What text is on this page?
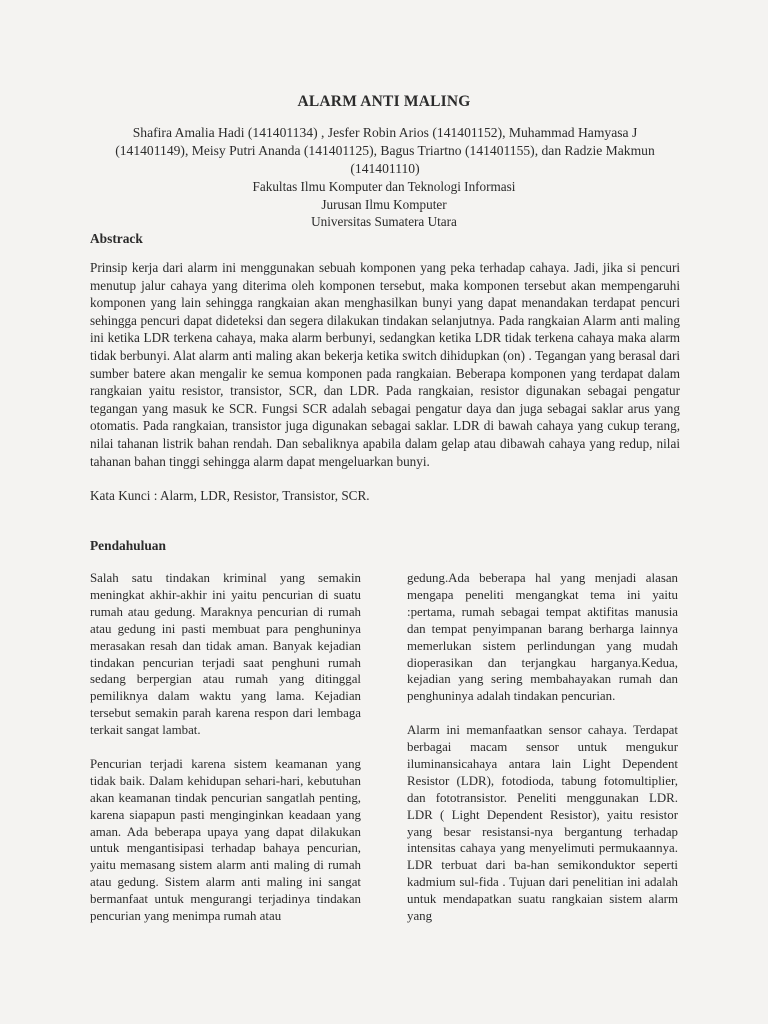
ALARM ANTI MALING

Shafira Amalia Hadi (141401134) , Jesfer Robin Arios (141401152), Muhammad Hamyasa J (141401149), Meisy Putri Ananda (141401125), Bagus Triartno (141401155), dan Radzie Makmun (141401110)

Fakultas Ilmu Komputer dan Teknologi Informasi
Jurusan Ilmu Komputer
Universitas Sumatera Utara
Abstrack

Prinsip kerja dari alarm ini menggunakan sebuah komponen yang peka terhadap cahaya. Jadi, jika si pencuri menutup jalur cahaya yang diterima oleh komponen tersebut, maka komponen tersebut akan mempengaruhi komponen yang lain sehingga rangkaian akan menghasilkan bunyi yang dapat menandakan terdapat pencuri sehingga pencuri dapat dideteksi dan segera dilakukan tindakan selanjutnya. Pada rangkaian Alarm anti maling ini ketika LDR terkena cahaya, maka alarm berbunyi, sedangkan ketika LDR tidak terkena cahaya maka alarm tidak berbunyi. Alat alarm anti maling akan bekerja ketika switch dihidupkan (on) . Tegangan yang berasal dari sumber batere akan mengalir ke semua komponen pada rangkaian. Beberapa komponen yang terdapat dalam rangkaian yaitu resistor, transistor, SCR, dan LDR. Pada rangkaian, resistor digunakan sebagai pengatur tegangan yang masuk ke SCR. Fungsi SCR adalah sebagai pengatur daya dan juga sebagai saklar arus yang otomatis. Pada rangkaian, transistor juga digunakan sebagai saklar. LDR di bawah cahaya yang cukup terang, nilai tahanan listrik bahan rendah. Dan sebaliknya apabila dalam gelap atau dibawah cahaya yang redup, nilai tahanan bahan tinggi sehingga alarm dapat mengeluarkan bunyi.

Kata Kunci : Alarm, LDR, Resistor, Transistor, SCR.

Pendahuluan

Salah satu tindakan kriminal yang semakin meningkat akhir-akhir ini yaitu pencurian di suatu rumah atau gedung. Maraknya pencurian di rumah atau gedung ini pasti membuat para penghuninya merasakan resah dan tidak aman. Banyak kejadian tindakan pencurian terjadi saat penghuni rumah sedang berpergian atau rumah yang ditinggal pemiliknya dalam waktu yang lama. Kejadian tersebut semakin parah karena respon dari lembaga terkait sangat lambat.

Pencurian terjadi karena sistem keamanan yang tidak baik. Dalam kehidupan sehari-hari, kebutuhan akan keamanan tindak pencurian sangatlah penting, karena siapapun pasti menginginkan keadaan yang aman. Ada beberapa upaya yang dapat dilakukan untuk mengantisipasi terhadap bahaya pencurian, yaitu memasang sistem alarm anti maling di rumah atau gedung. Sistem alarm anti maling ini sangat bermanfaat untuk mengurangi terjadinya tindakan pencurian yang menimpa rumah atau

gedung.Ada beberapa hal yang menjadi alasan mengapa peneliti mengangkat tema ini yaitu :pertama, rumah sebagai tempat aktifitas manusia dan tempat penyimpanan barang berharga lainnya memerlukan sistem perlindungan yang mudah dioperasikan dan terjangkau harganya.Kedua, kejadian yang sering membahayakan rumah dan penghuninya adalah tindakan pencurian.

Alarm ini memanfaatkan sensor cahaya. Terdapat berbagai macam sensor untuk mengukur iluminansicahaya antara lain Light Dependent Resistor (LDR), fotodioda, tabung fotomultiplier, dan fototransistor. Peneliti menggunakan LDR. LDR ( Light Dependent Resistor), yaitu resistor yang besar resistansi-nya bergantung terhadap intensitas cahaya yang menyelimuti permukaannya. LDR terbuat dari ba-han semikonduktor seperti kadmium sul-fida . Tujuan dari penelitian ini adalah untuk mendapatkan suatu rangkaian sistem alarm yang
